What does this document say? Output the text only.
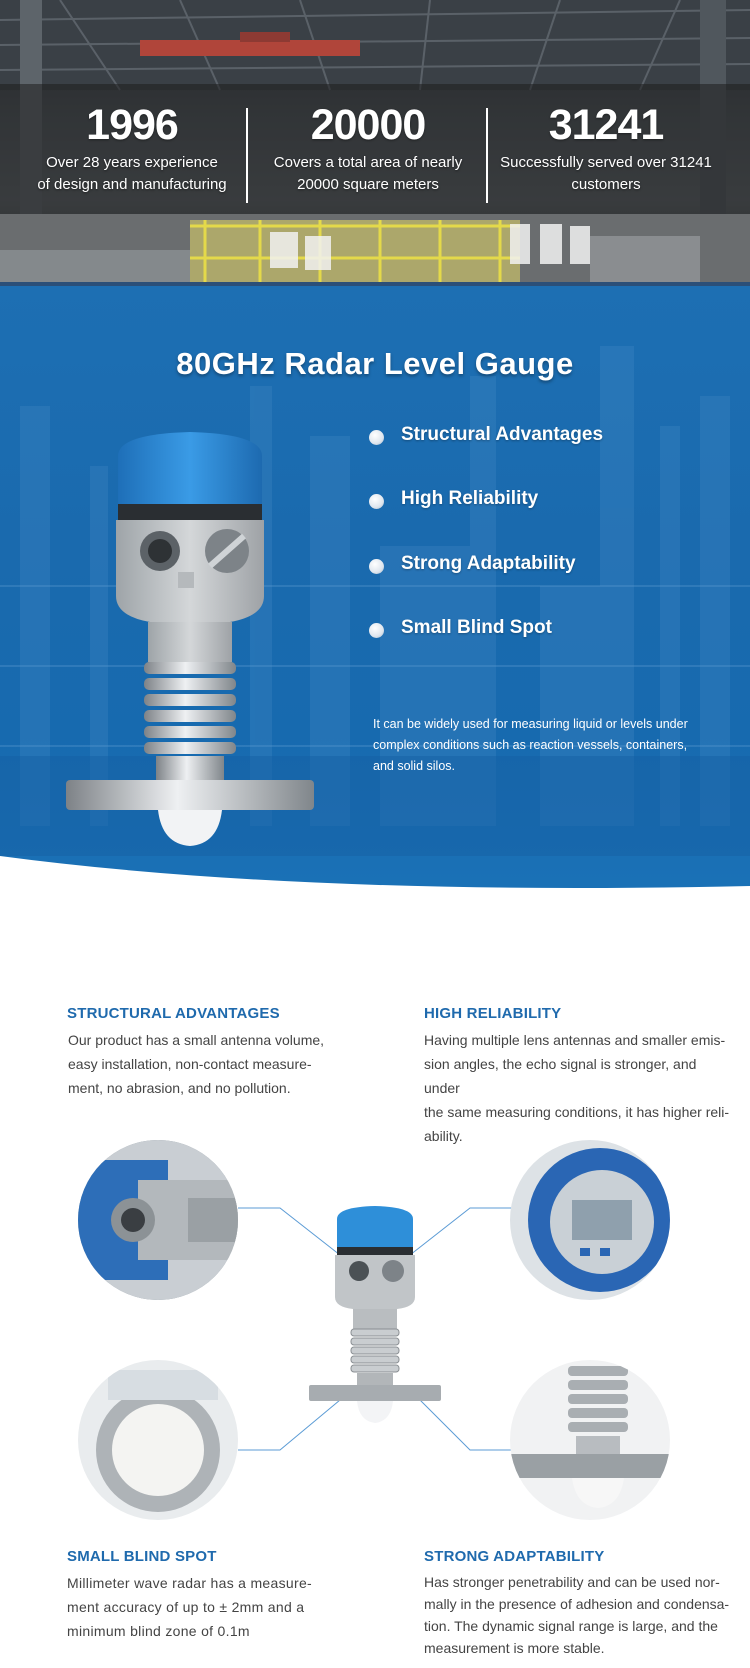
1996
Over 28 years experience
of design and manufacturing
20000
Covers a total area of nearly
20000 square meters
31241
Successfully served over 31241
customers
80GHz Radar Level Gauge
Structural Advantages
High Reliability
Strong Adaptability
Small Blind Spot
It can be widely used for measuring liquid or levels under complex conditions such as reaction vessels, containers, and solid silos.
STRUCTURAL ADVANTAGES
Our product has a small antenna volume,
easy installation, non-contact measure-
ment, no abrasion, and no pollution.
HIGH RELIABILITY
Having multiple lens antennas and smaller emis-
sion angles, the echo signal is stronger, and under
the same measuring conditions, it has higher reli-
ability.
SMALL BLIND SPOT
Millimeter wave radar has a measure-
ment accuracy of up to ± 2mm and a
minimum blind zone of 0.1m
STRONG ADAPTABILITY
Has stronger penetrability and can be used nor-
mally in the presence of adhesion and condensa-
tion. The dynamic signal range is large, and the
measurement is more stable.
